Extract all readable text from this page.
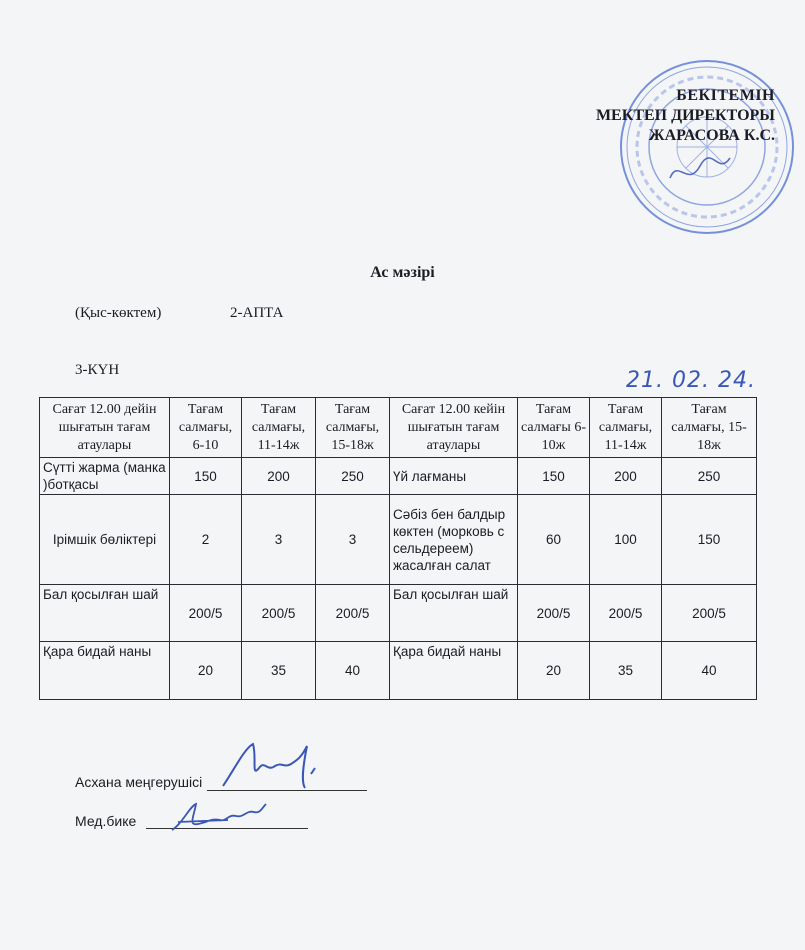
БЕКІТЕМІН
МЕКТЕП ДИРЕКТОРЫ
ЖАРАСОВА К.С.
Ас мәзірі
(Қыс-көктем)	2-АПТА
3-КҮН	21. 02. 24.
Сағат 12.00 дейін шығатын тағам атаулары	Тағам салмағы, 6-10	Тағам салмағы, 11-14ж	Тағам салмағы, 15-18ж	Сағат 12.00 кейін шығатын тағам атаулары	Тағам салмағы 6-10ж	Тағам салмағы, 11-14ж	Тағам салмағы, 15-18ж
Сүтті жарма (манка )ботқасы	150	200	250	Үй лағманы	150	200	250
Ірімшік бөліктері	2	3	3	Сәбіз бен балдыр көктен (морковь с сельдереем) жасалған салат	60	100	150
Бал қосылған шай	200/5	200/5	200/5	Бал қосылған шай	200/5	200/5	200/5
Қара бидай наны	20	35	40	Қара бидай наны	20	35	40
Асхана меңгерушісі
Мед.бике
